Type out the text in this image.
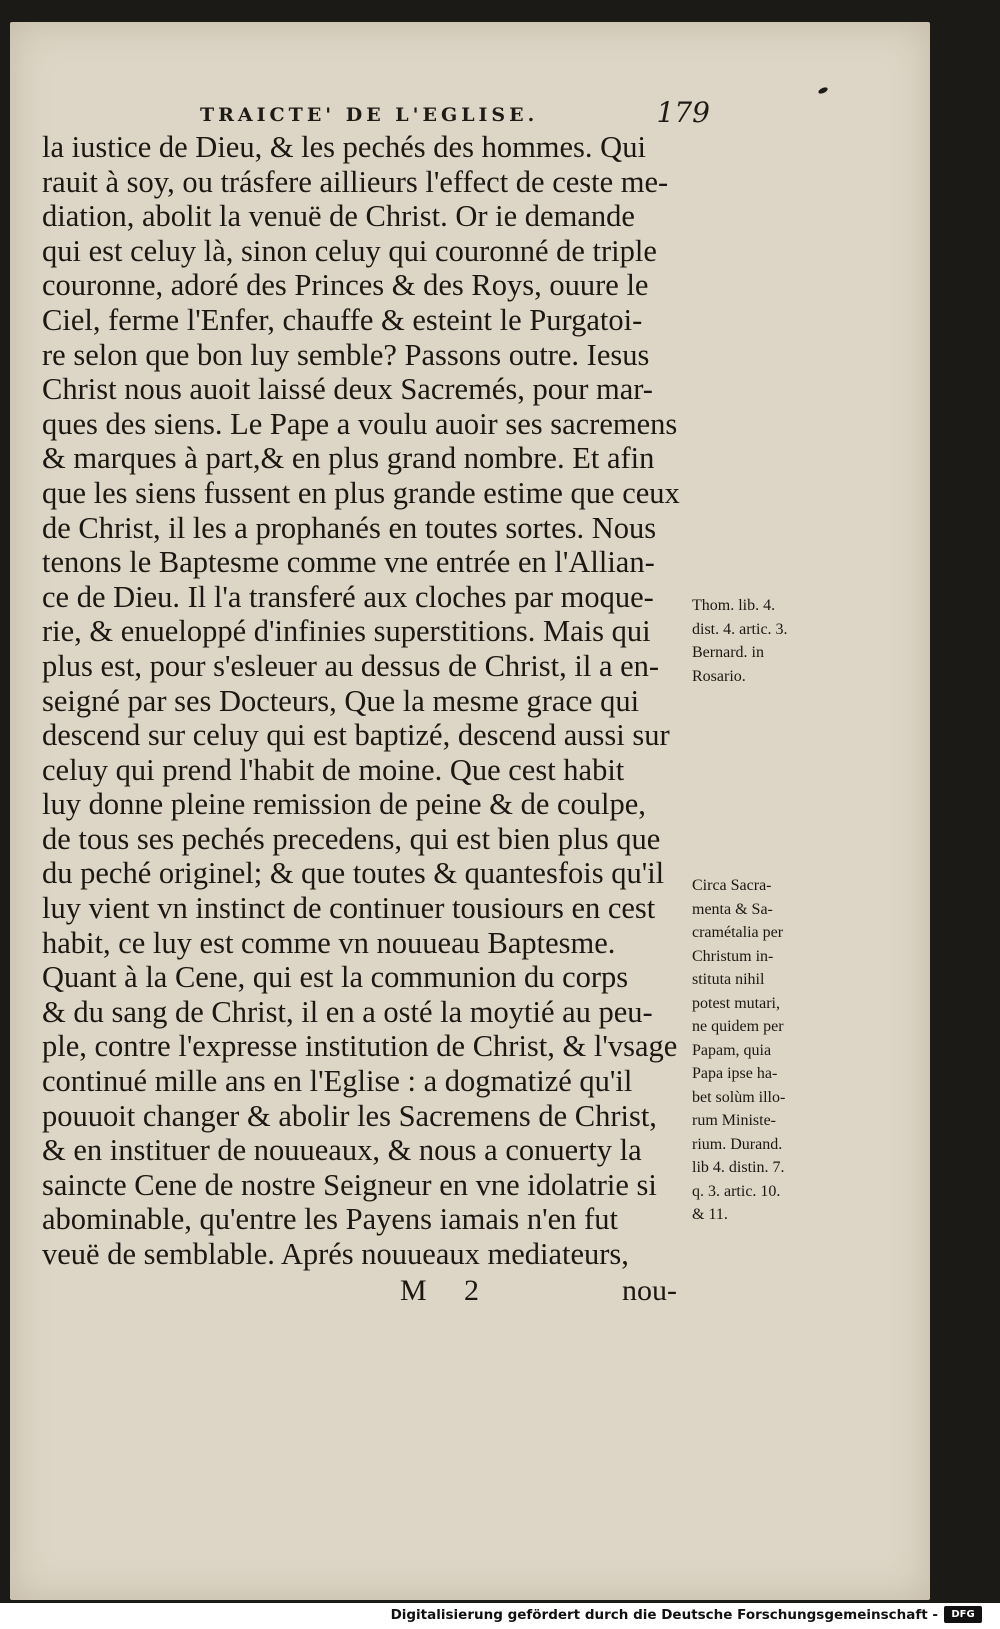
TRAICTE' DE L'EGLISE.	179
la iustice de Dieu, & les pechés des hommes. Qui
rauit à soy, ou trásfere aillieurs l'effect de ceste me-
diation, abolit la venuë de Christ. Or ie demande
qui est celuy là, sinon celuy qui couronné de triple
couronne, adoré des Princes & des Roys, ouure le
Ciel, ferme l'Enfer, chauffe & esteint le Purgatoi-
re selon que bon luy semble? Passons outre. Iesus
Christ nous auoit laissé deux Sacremés, pour mar-
ques des siens. Le Pape a voulu auoir ses sacremens
& marques à part,& en plus grand nombre. Et afin
que les siens fussent en plus grande estime que ceux
de Christ, il les a prophanés en toutes sortes. Nous
tenons le Baptesme comme vne entrée en l'Allian-
ce de Dieu. Il l'a transferé aux cloches par moque-
rie, & enueloppé d'infinies superstitions. Mais qui
plus est, pour s'esleuer au dessus de Christ, il a en-
seigné par ses Docteurs, Que la mesme grace qui
descend sur celuy qui est baptizé, descend aussi sur
celuy qui prend l'habit de moine. Que cest habit
luy donne pleine remission de peine & de coulpe,
de tous ses pechés precedens, qui est bien plus que
du peché originel; & que toutes & quantesfois qu'il
luy vient vn instinct de continuer tousiours en cest
habit, ce luy est comme vn nouueau Baptesme.
Quant à la Cene, qui est la communion du corps
& du sang de Christ, il en a osté la moytié au peu-
ple, contre l'expresse institution de Christ, & l'vsage
continué mille ans en l'Eglise : a dogmatizé qu'il
pouuoit changer & abolir les Sacremens de Christ,
& en instituer de nouueaux, & nous a conuerty la
saincte Cene de nostre Seigneur en vne idolatrie si
abominable, qu'entre les Payens iamais n'en fut
veuë de semblable. Aprés nouueaux mediateurs,
Thom. lib. 4.
dist. 4. artic. 3.
Bernard. in
Rosario.
Circa Sacra-
menta & Sa-
cramétalia per
Christum in-
stituta nihil
potest mutari,
ne quidem per
Papam, quia
Papa ipse ha-
bet solùm illo-
rum Ministe-
rium. Durand.
lib 4. distin. 7.
q. 3. artic. 10.
& 11.
M 2	nou-
Digitalisierung gefördert durch die Deutsche Forschungsgemeinschaft -	DFG
